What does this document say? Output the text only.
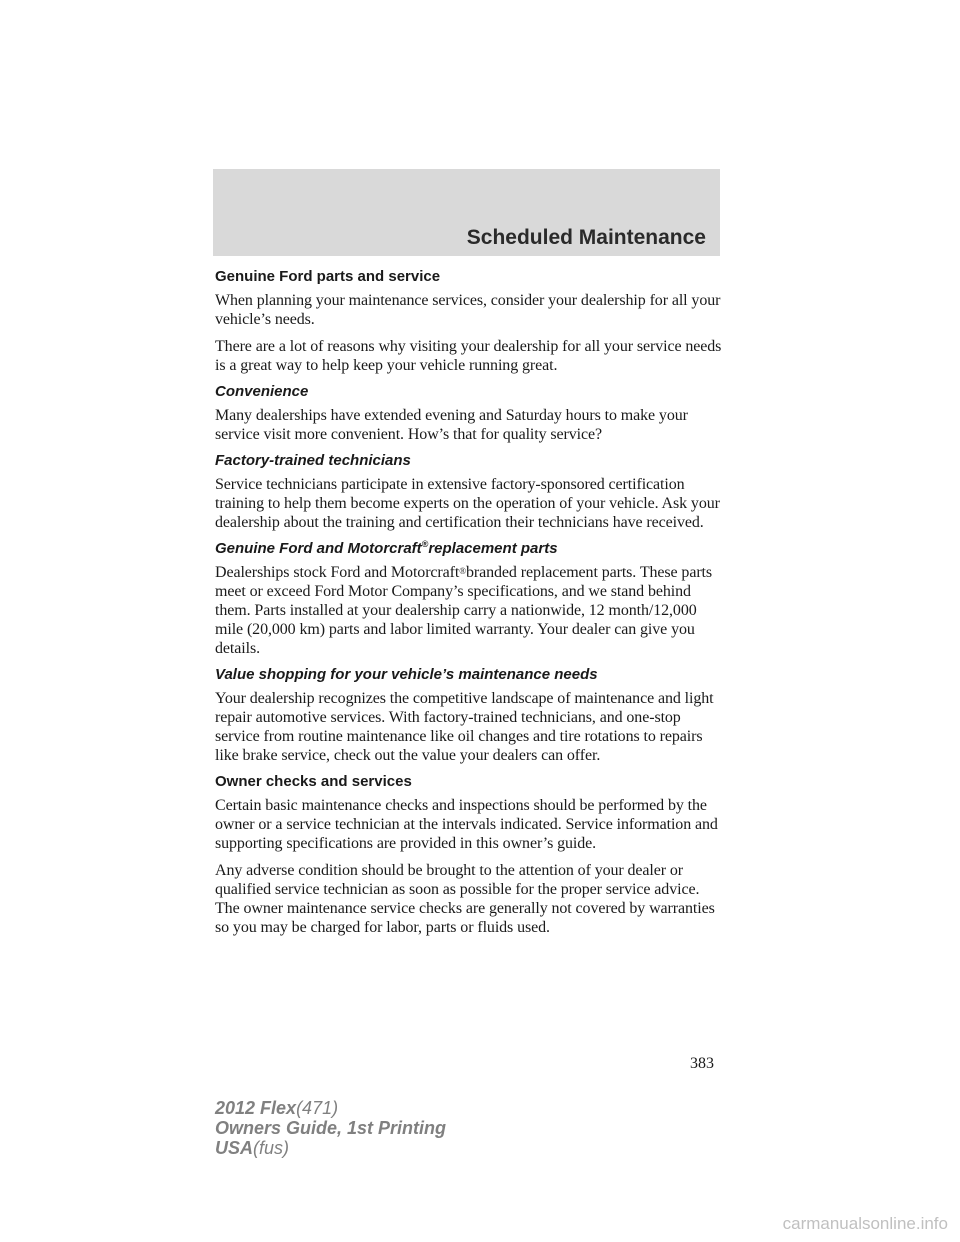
Scheduled Maintenance
Genuine Ford parts and service

When planning your maintenance services, consider your dealership for all your vehicle’s needs.

There are a lot of reasons why visiting your dealership for all your service needs is a great way to help keep your vehicle running great.

Convenience

Many dealerships have extended evening and Saturday hours to make your service visit more convenient. How’s that for quality service?

Factory-trained technicians

Service technicians participate in extensive factory-sponsored certification training to help them become experts on the operation of your vehicle. Ask your dealership about the training and certification their technicians have received.

Genuine Ford and Motorcraft®replacement parts

Dealerships stock Ford and Motorcraft®branded replacement parts. These parts meet or exceed Ford Motor Company’s specifications, and we stand behind them. Parts installed at your dealership carry a nationwide, 12 month/12,000 mile (20,000 km) parts and labor limited warranty. Your dealer can give you details.

Value shopping for your vehicle’s maintenance needs

Your dealership recognizes the competitive landscape of maintenance and light repair automotive services. With factory-trained technicians, and one-stop service from routine maintenance like oil changes and tire rotations to repairs like brake service, check out the value your dealers can offer.

Owner checks and services

Certain basic maintenance checks and inspections should be performed by the owner or a service technician at the intervals indicated. Service information and supporting specifications are provided in this owner’s guide.

Any adverse condition should be brought to the attention of your dealer or qualified service technician as soon as possible for the proper service advice. The owner maintenance service checks are generally not covered by warranties so you may be charged for labor, parts or fluids used.

383
2012 Flex(471)
Owners Guide, 1st Printing
USA(fus)
carmanualsonline.info
